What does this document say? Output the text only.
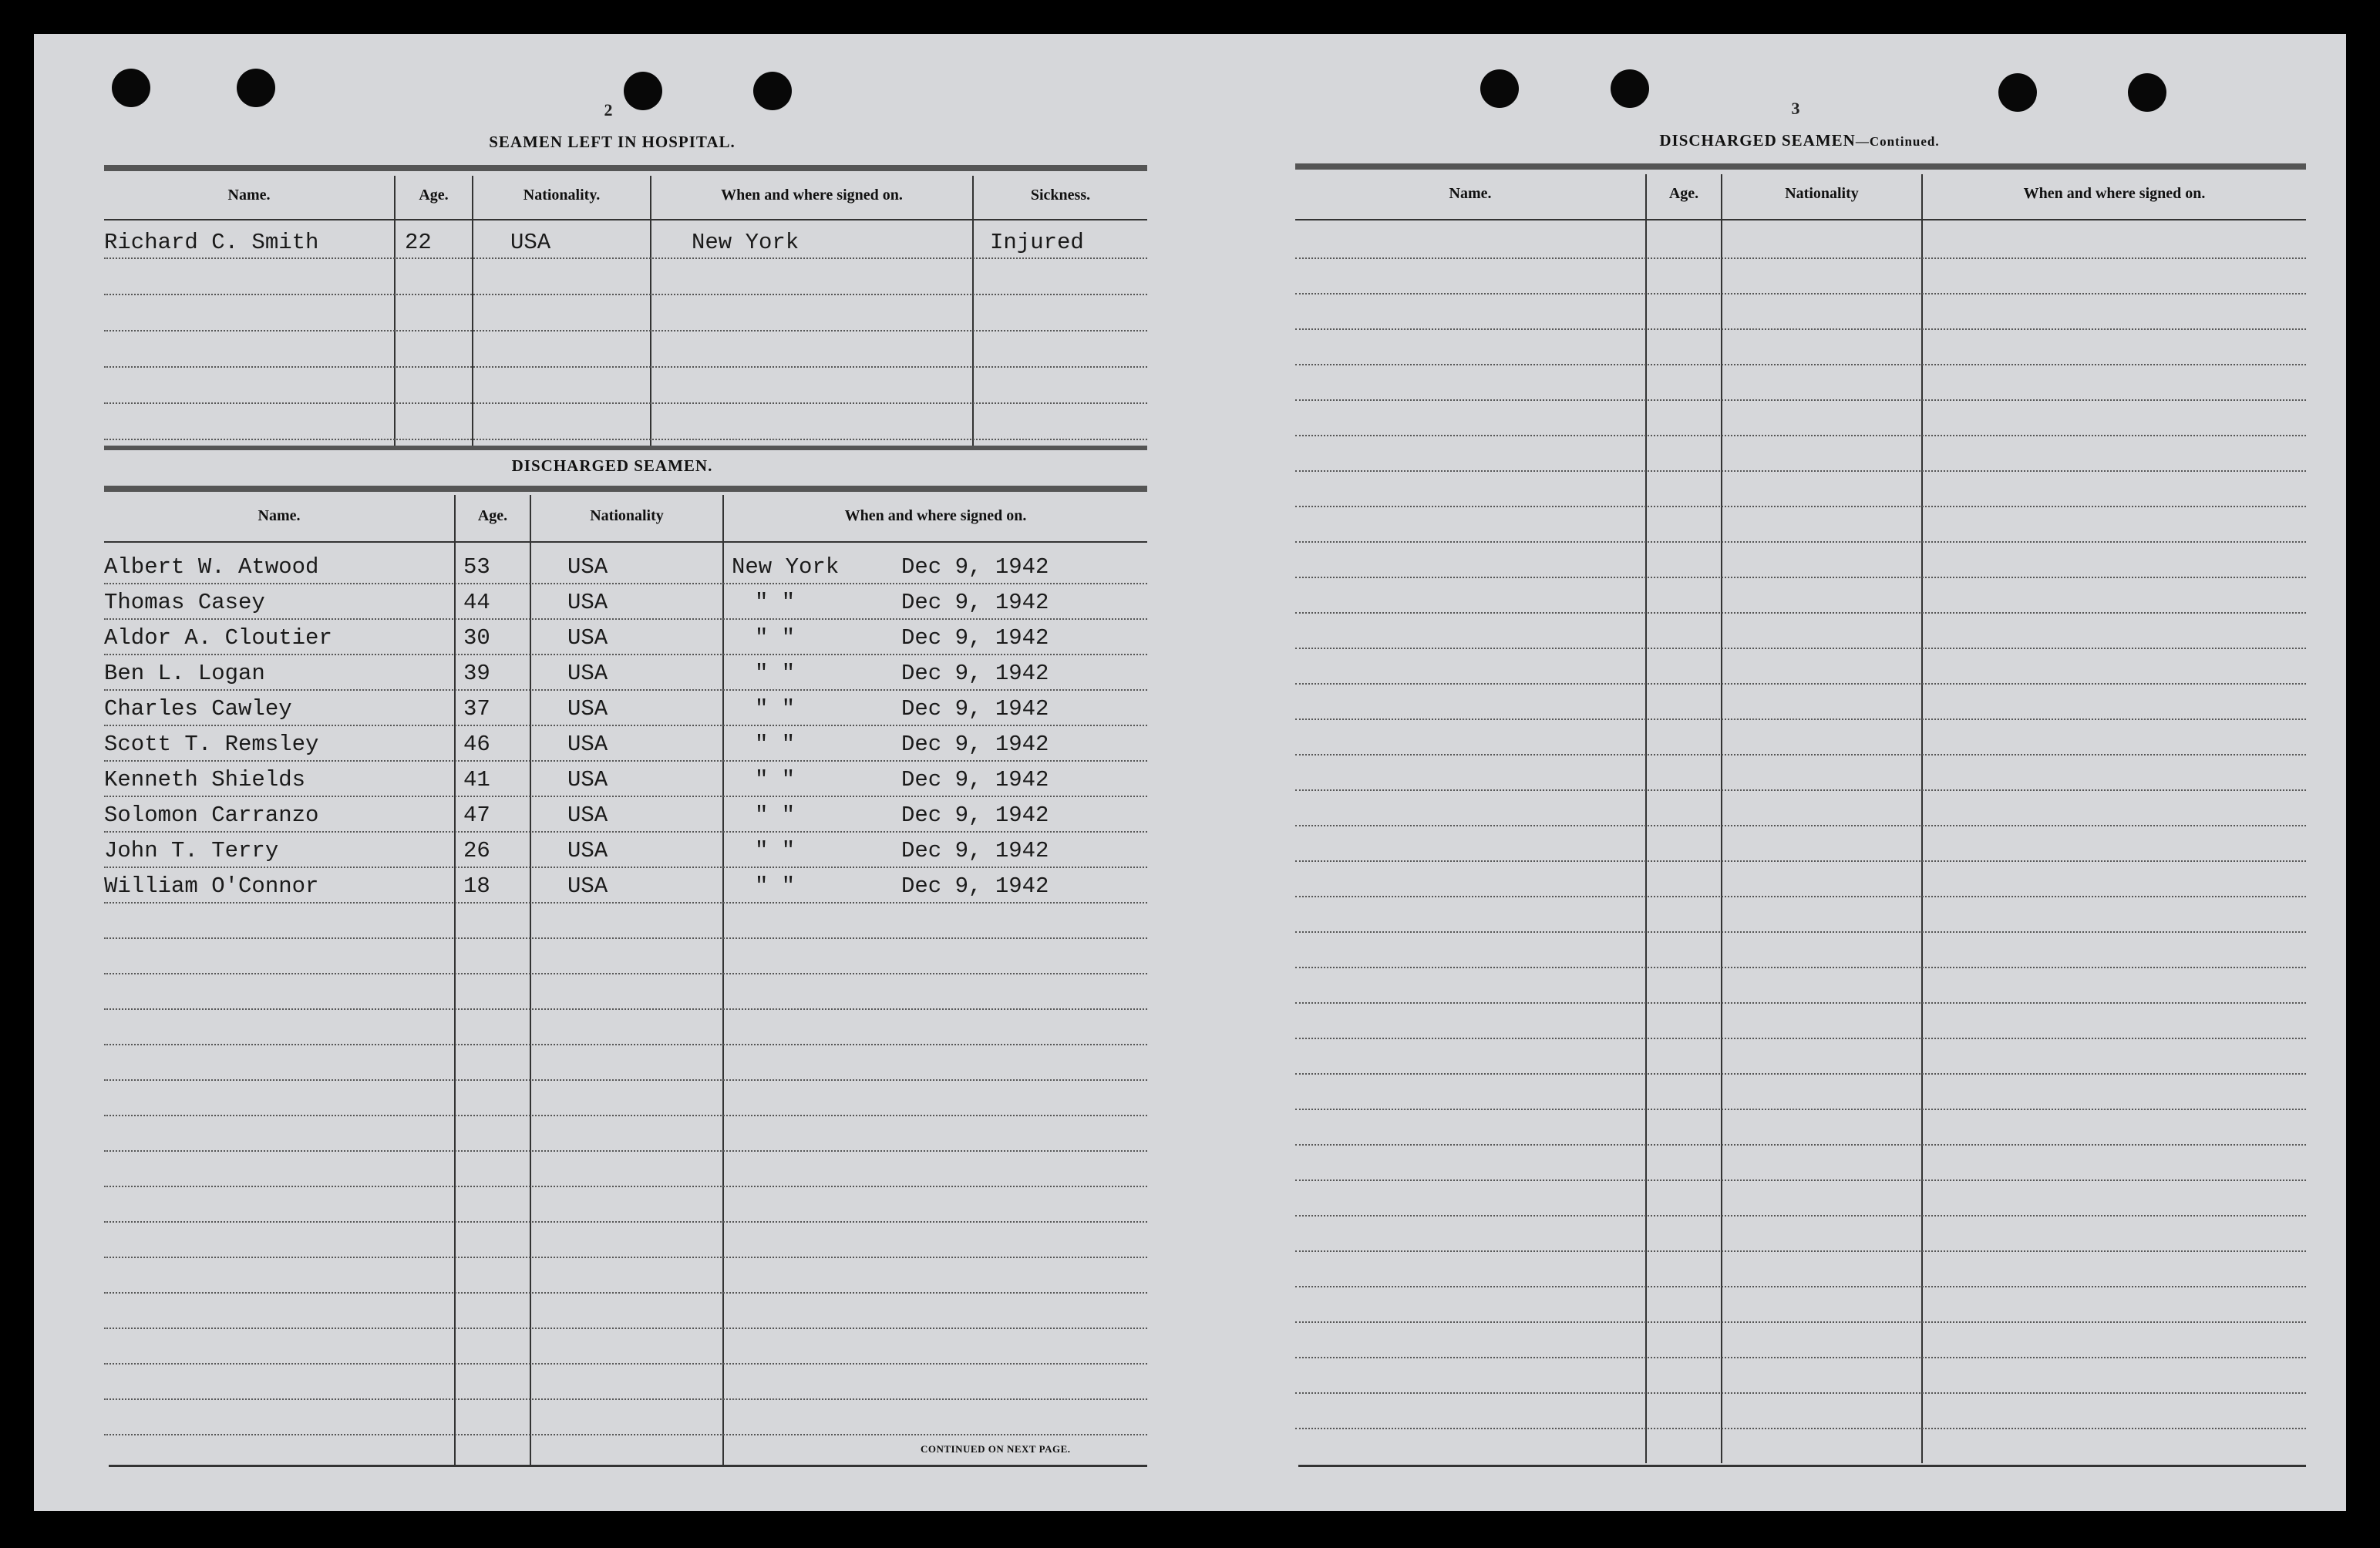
2
SEAMEN LEFT IN HOSPITAL.
Name.	Age.	Nationality.	When and where signed on.	Sickness.
Richard C. Smith	22	USA	New York	Injured
DISCHARGED SEAMEN.
Name.	Age.	Nationality	When and where signed on.
Albert W. Atwood	53	USA	New York	Dec 9, 1942
Thomas Casey	44	USA	" "	Dec 9, 1942
Aldor A. Cloutier	30	USA	" "	Dec 9, 1942
Ben L. Logan	39	USA	" "	Dec 9, 1942
Charles Cawley	37	USA	" "	Dec 9, 1942
Scott T. Remsley	46	USA	" "	Dec 9, 1942
Kenneth Shields	41	USA	" "	Dec 9, 1942
Solomon Carranzo	47	USA	" "	Dec 9, 1942
John T. Terry	26	USA	" "	Dec 9, 1942
William O'Connor	18	USA	" "	Dec 9, 1942
CONTINUED ON NEXT PAGE.
3
DISCHARGED SEAMEN—Continued.
Name.	Age.	Nationality	When and where signed on.
